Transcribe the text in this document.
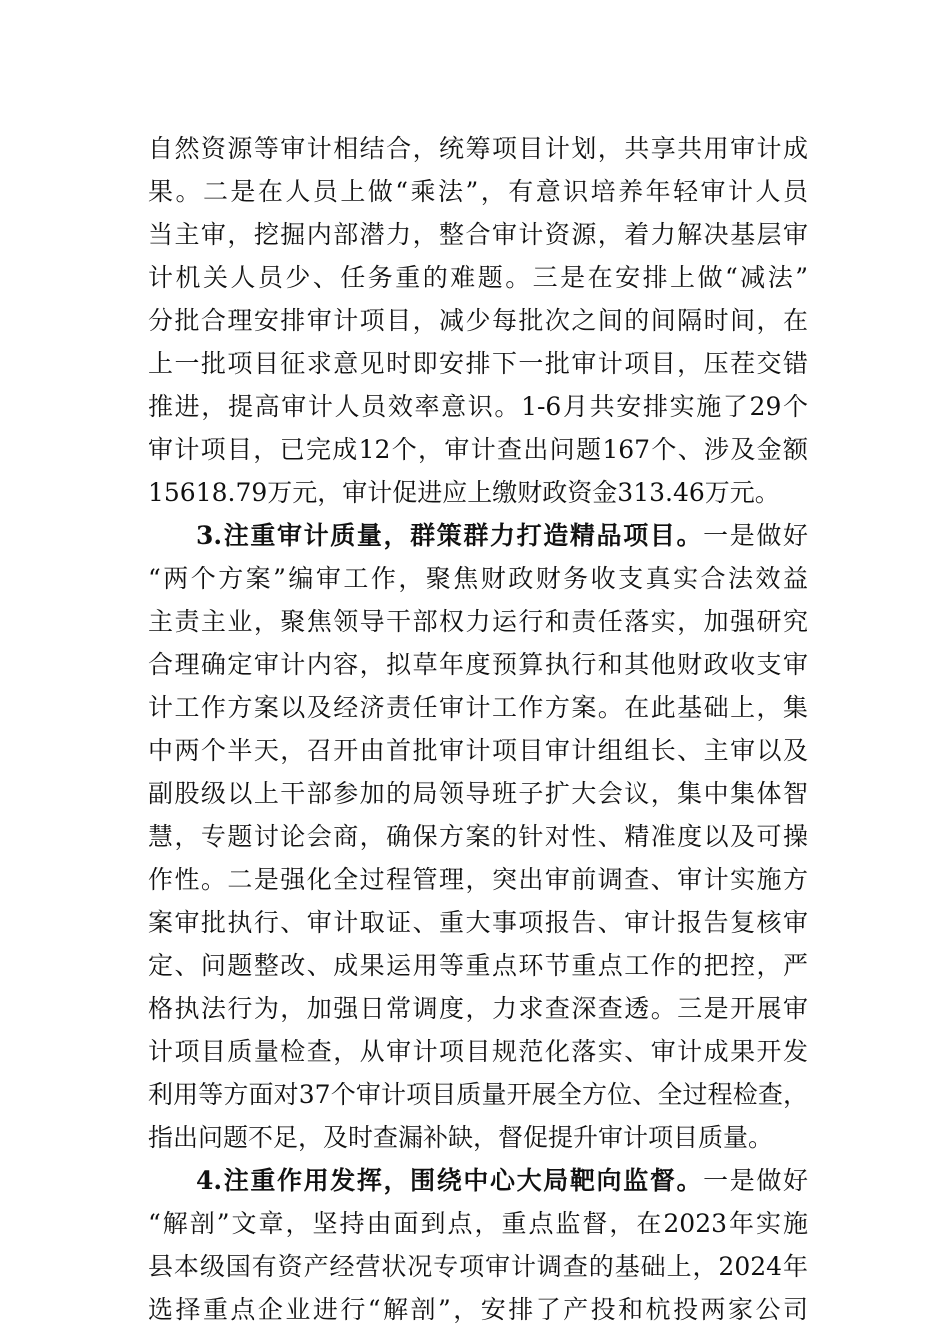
自然资源等审计相结合，统筹项目计划，共享共用审计成
果。二是在人员上做“乘法”，有意识培养年轻审计人员
当主审，挖掘内部潜力，整合审计资源，着力解决基层审
计机关人员少、任务重的难题。三是在安排上做“减法”
分批合理安排审计项目，减少每批次之间的间隔时间，在
上一批项目征求意见时即安排下一批审计项目，压茬交错
推进，提高审计人员效率意识。1-6月共安排实施了29个
审计项目，已完成12个，审计查出问题167个、涉及金额
15618.79万元，审计促进应上缴财政资金313.46万元。
3.注重审计质量，群策群力打造精品项目。一是做好
“两个方案”编审工作，聚焦财政财务收支真实合法效益
主责主业，聚焦领导干部权力运行和责任落实，加强研究
合理确定审计内容，拟草年度预算执行和其他财政收支审
计工作方案以及经济责任审计工作方案。在此基础上，集
中两个半天，召开由首批审计项目审计组组长、主审以及
副股级以上干部参加的局领导班子扩大会议，集中集体智
慧，专题讨论会商，确保方案的针对性、精准度以及可操
作性。二是强化全过程管理，突出审前调查、审计实施方
案审批执行、审计取证、重大事项报告、审计报告复核审
定、问题整改、成果运用等重点环节重点工作的把控，严
格执法行为，加强日常调度，力求查深查透。三是开展审
计项目质量检查，从审计项目规范化落实、审计成果开发
利用等方面对37个审计项目质量开展全方位、全过程检查，
指出问题不足，及时查漏补缺，督促提升审计项目质量。
4.注重作用发挥，围绕中心大局靶向监督。一是做好
“解剖”文章，坚持由面到点，重点监督，在2023年实施
县本级国有资产经营状况专项审计调查的基础上，2024年
选择重点企业进行“解剖”，安排了产投和杭投两家公司
